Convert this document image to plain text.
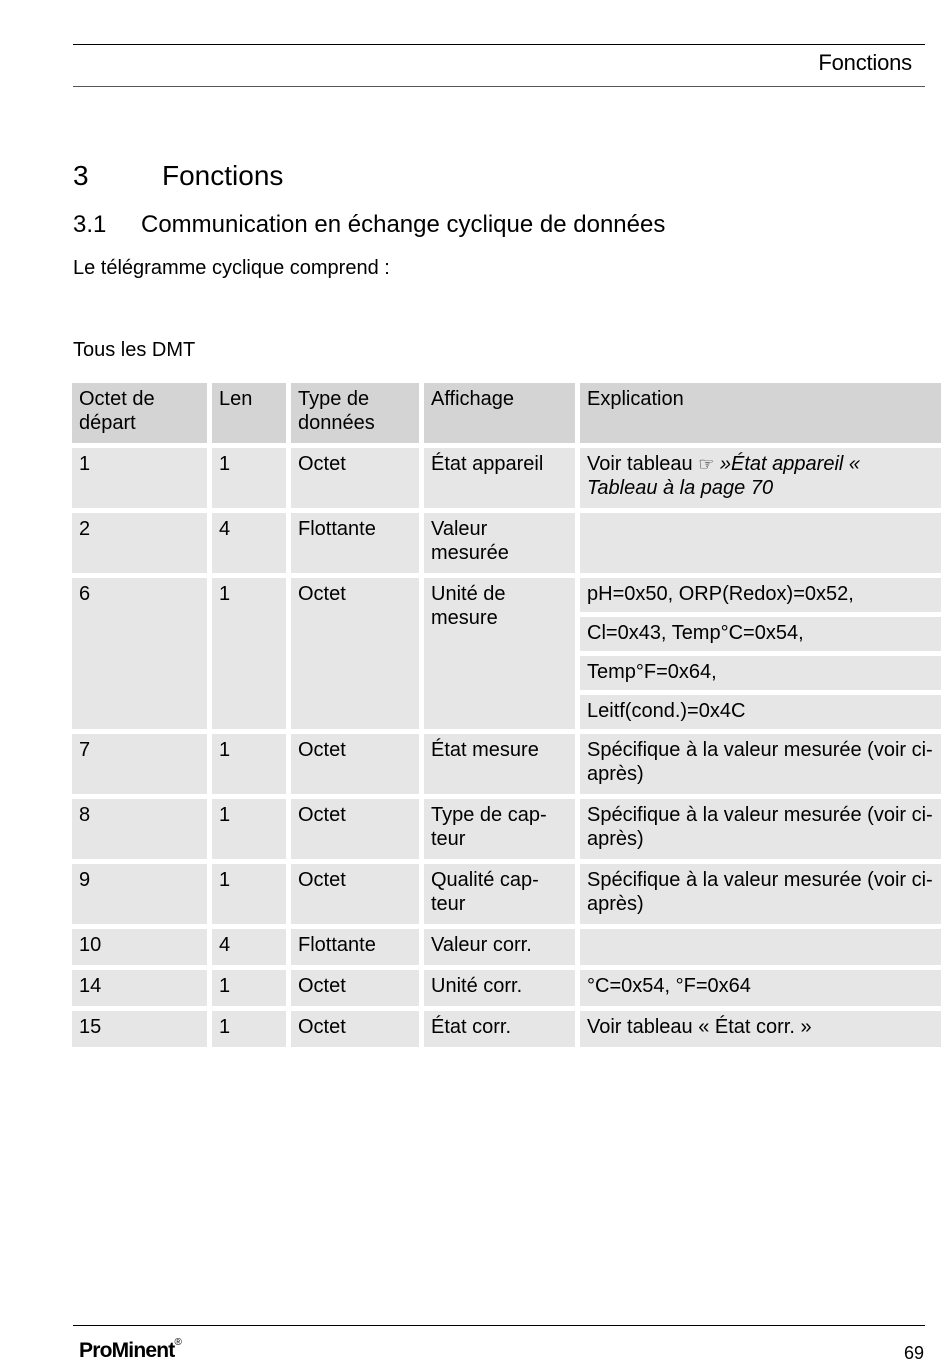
Fonctions
3	Fonctions
3.1 Communication en échange cyclique de données
Le télégramme cyclique comprend :
Tous les DMT
Octet de départ	Len	Type de données	Affichage	Explication
1	1	Octet	État appareil	Voir tableau ☞ »État appareil « Tableau à la page 70
2	4	Flottante	Valeur mesurée	
6	1	Octet	Unité de mesure	pH=0x50, ORP(Redox)=0x52,
				Cl=0x43, Temp°C=0x54,
				Temp°F=0x64,
				Leitf(cond.)=0x4C
7	1	Octet	État mesure	Spécifique à la valeur mesurée (voir ci-après)
8	1	Octet	Type de cap-teur	Spécifique à la valeur mesurée (voir ci-après)
9	1	Octet	Qualité cap-teur	Spécifique à la valeur mesurée (voir ci-après)
10	4	Flottante	Valeur corr.	
14	1	Octet	Unité corr.	°C=0x54, °F=0x64
15	1	Octet	État corr.	Voir tableau « État corr. »
ProMinent®
69
